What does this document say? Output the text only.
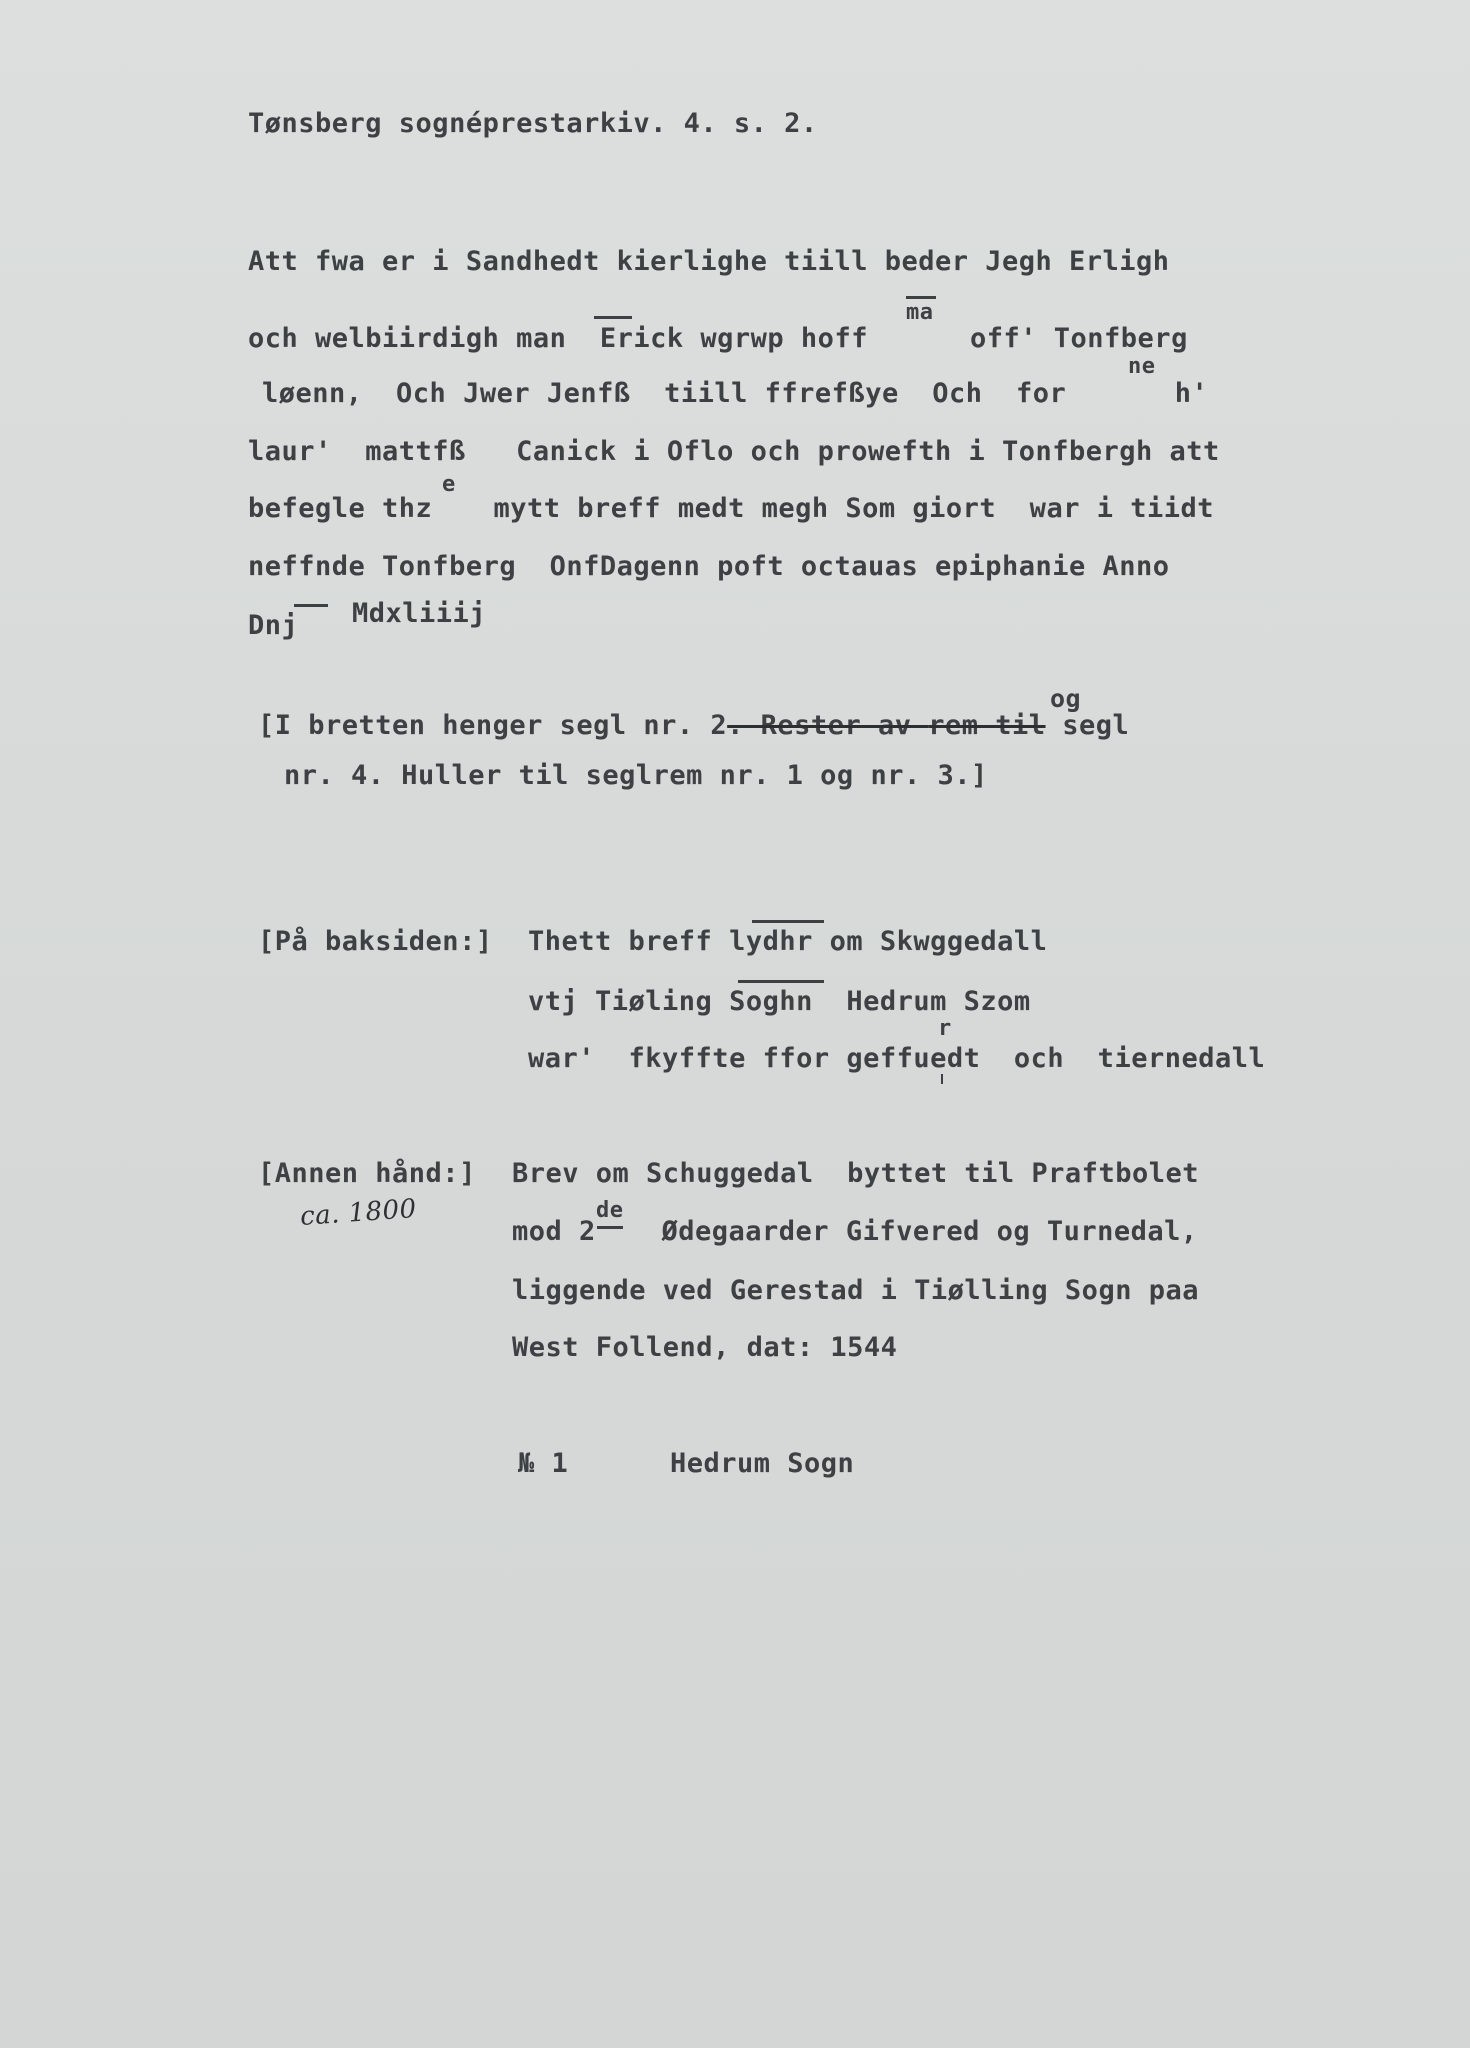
Tønsberg sognéprestarkiv. 4. s. 2.
Att fwa er i Sandhedt kierlighe tiill beder Jegh Erligh
och welbiirdigh man  Erick wgrwp hoff
ma
off' Tonfberg
løenn,  Och Jwer Jenfß  tiill ffrefßye  Och  for
ne
h'
laur'  mattfß   Canick i Oflo och prowefth i Tonfbergh att
befegle thz
e
mytt breff medt megh Som giort  war i tiidt
neffnde Tonfberg  OnfDagenn poft octauas epiphanie Anno
Dnj Mdxliiij
og
[I bretten henger segl nr. 2. Rester av rem til segl
nr. 4. Huller til seglrem nr. 1 og nr. 3.]
[På baksiden:] Thett breff lydhr om Skwggedall
vtj Tiøling Soghn  Hedrum Szom
r
war'  fkyffte ffor geffuedt  och  tiernedall
[Annen hånd:]
ca. 1800
Brev om Schuggedal  byttet til Praftbolet
mod 2
de
Ødegaarder Gifvered og Turnedal,
liggende ved Gerestad i Tiølling Sogn paa
West Follend, dat: 1544
№ 1	Hedrum Sogn
